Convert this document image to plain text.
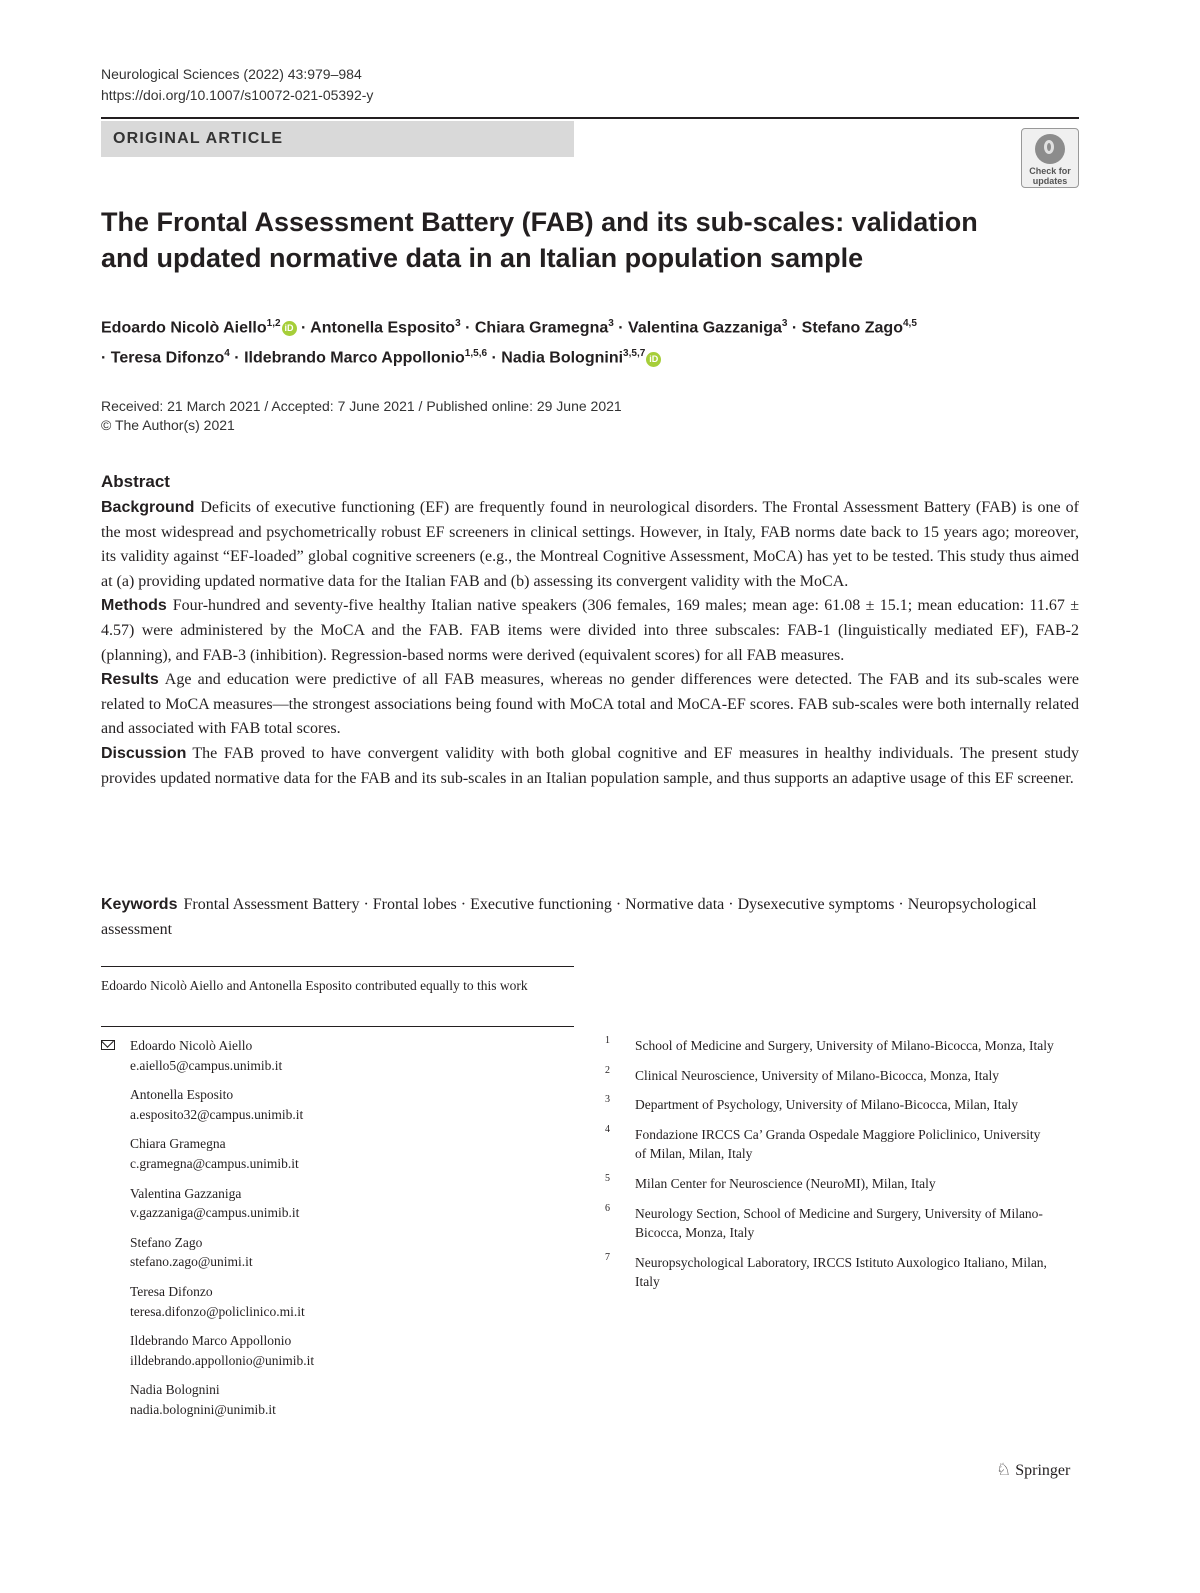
Neurological Sciences (2022) 43:979–984
https://doi.org/10.1007/s10072-021-05392-y
ORIGINAL ARTICLE
Check for
updates
The Frontal Assessment Battery (FAB) and its sub-scales: validation
and updated normative data in an Italian population sample
Edoardo Nicolò Aiello$^{1,2}$ iD · Antonella Esposito$^3$ · Chiara Gramegna$^3$ · Valentina Gazzaniga$^3$ · Stefano Zago$^{4,5}$
· Teresa Difonzo$^4$ · Ildebrando Marco Appollonio$^{1,5,6}$ · Nadia Bolognini$^{3,5,7}$ iD
Received: 21 March 2021 / Accepted: 7 June 2021 / Published online: 29 June 2021
© The Author(s) 2021
Abstract

Background Deficits of executive functioning (EF) are frequently found in neurological disorders. The Frontal Assessment Battery (FAB) is one of the most widespread and psychometrically robust EF screeners in clinical settings. However, in Italy, FAB norms date back to 15 years ago; moreover, its validity against “EF-loaded” global cognitive screeners (e.g., the Montreal Cognitive Assessment, MoCA) has yet to be tested. This study thus aimed at (a) providing updated normative data for the Italian FAB and (b) assessing its convergent validity with the MoCA.

Methods Four-hundred and seventy-five healthy Italian native speakers (306 females, 169 males; mean age: 61.08 ± 15.1; mean education: 11.67 ± 4.57) were administered by the MoCA and the FAB. FAB items were divided into three subscales: FAB-1 (linguistically mediated EF), FAB-2 (planning), and FAB-3 (inhibition). Regression-based norms were derived (equivalent scores) for all FAB measures.

Results Age and education were predictive of all FAB measures, whereas no gender differences were detected. The FAB and its sub-scales were related to MoCA measures—the strongest associations being found with MoCA total and MoCA-EF scores. FAB sub-scales were both internally related and associated with FAB total scores.

Discussion The FAB proved to have convergent validity with both global cognitive and EF measures in healthy individuals. The present study provides updated normative data for the FAB and its sub-scales in an Italian population sample, and thus supports an adaptive usage of this EF screener.

Keywords Frontal Assessment Battery · Frontal lobes · Executive functioning · Normative data · Dysexecutive symptoms · Neuropsychological assessment
Edoardo Nicolò Aiello and Antonella Esposito contributed equally to this work
Edoardo Nicolò Aiello
e.aiello5@campus.unimib.it
Antonella Esposito
a.esposito32@campus.unimib.it
Chiara Gramegna
c.gramegna@campus.unimib.it
Valentina Gazzaniga
v.gazzaniga@campus.unimib.it
Stefano Zago
stefano.zago@unimi.it
Teresa Difonzo
teresa.difonzo@policlinico.mi.it
Ildebrando Marco Appollonio
illdebrando.appollonio@unimib.it
Nadia Bolognini
nadia.bolognini@unimib.it
1 School of Medicine and Surgery, University of Milano-Bicocca, Monza, Italy
2 Clinical Neuroscience, University of Milano-Bicocca, Monza, Italy
3 Department of Psychology, University of Milano-Bicocca, Milan, Italy
4 Fondazione IRCCS Ca’ Granda Ospedale Maggiore Policlinico, University of Milan, Milan, Italy
5 Milan Center for Neuroscience (NeuroMI), Milan, Italy
6 Neurology Section, School of Medicine and Surgery, University of Milano-Bicocca, Monza, Italy
7 Neuropsychological Laboratory, IRCCS Istituto Auxologico Italiano, Milan, Italy
♘ Springer
